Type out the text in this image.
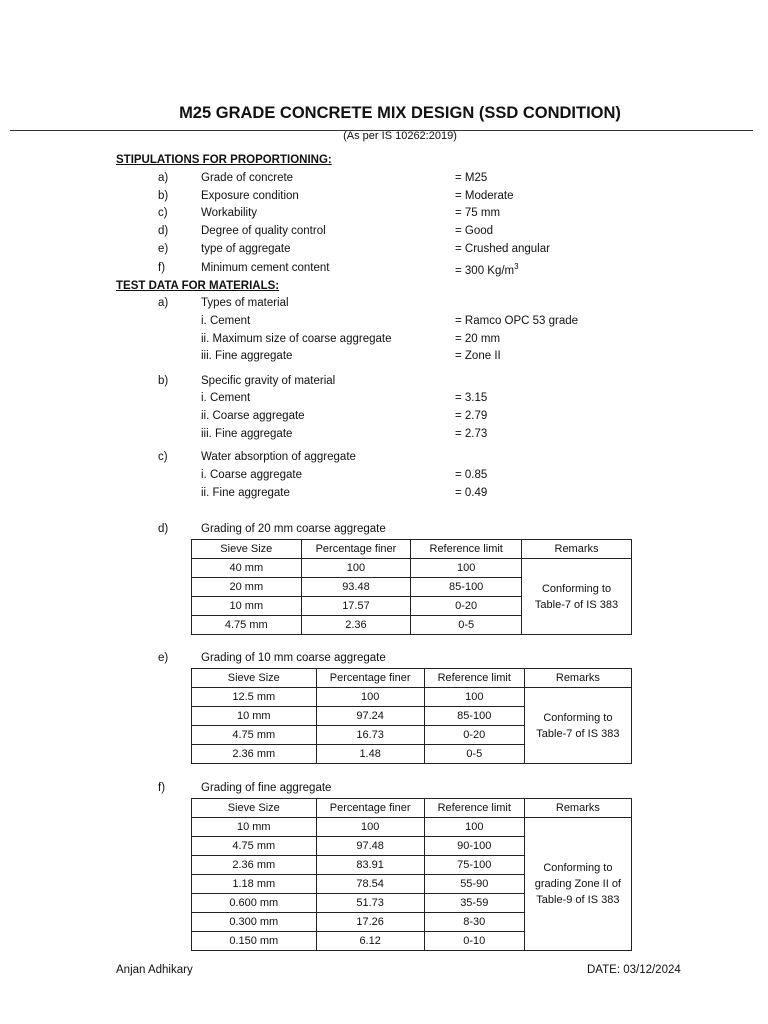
M25 GRADE CONCRETE MIX DESIGN (SSD CONDITION)
(As per IS 10262:2019)
STIPULATIONS FOR PROPORTIONING:
a)	Grade of concrete	= M25
b)	Exposure condition	= Moderate
c)	Workability	= 75 mm
d)	Degree of quality control	= Good
e)	type of aggregate	= Crushed angular
f)	Minimum cement content	= 300 $Kg/m^3$
TEST DATA FOR MATERIALS:
a)	Types of material
i. Cement	= Ramco OPC 53 grade
ii. Maximum size of coarse aggregate	= 20 mm
iii. Fine aggregate	= Zone II
b)	Specific gravity of material
i. Cement	= 3.15
ii. Coarse aggregate	= 2.79
iii. Fine aggregate	= 2.73
c)	Water absorption of aggregate
i. Coarse aggregate	= 0.85
ii. Fine aggregate	= 0.49
d)	Grading of 20 mm coarse aggregate
Sieve Size	Percentage finer	Reference limit	Remarks
40 mm	100	100	Conforming to Table-7 of IS 383

20 mm	93.48	85-100	
10 mm	17.57	0-20	
4.75 mm	2.36	0-5	
e)	Grading of 10 mm coarse aggregate
Sieve Size	Percentage finer	Reference limit	Remarks
12.5 mm	100	100	Conforming to Table-7 of IS 383

10 mm	97.24	85-100	
4.75 mm	16.73	0-20	
2.36 mm	1.48	0-5	
f)	Grading of fine aggregate
Sieve Size	Percentage finer	Reference limit	Remarks
10 mm	100	100	Conforming to grading Zone II of Table-9 of IS 383

4.75 mm	97.48	90-100	
2.36 mm	83.91	75-100	
1.18 mm	78.54	55-90	
0.600 mm	51.73	35-59	
0.300 mm	17.26	8-30	
0.150 mm	6.12	0-10	
Anjan Adhikary	DATE: 03/12/2024
